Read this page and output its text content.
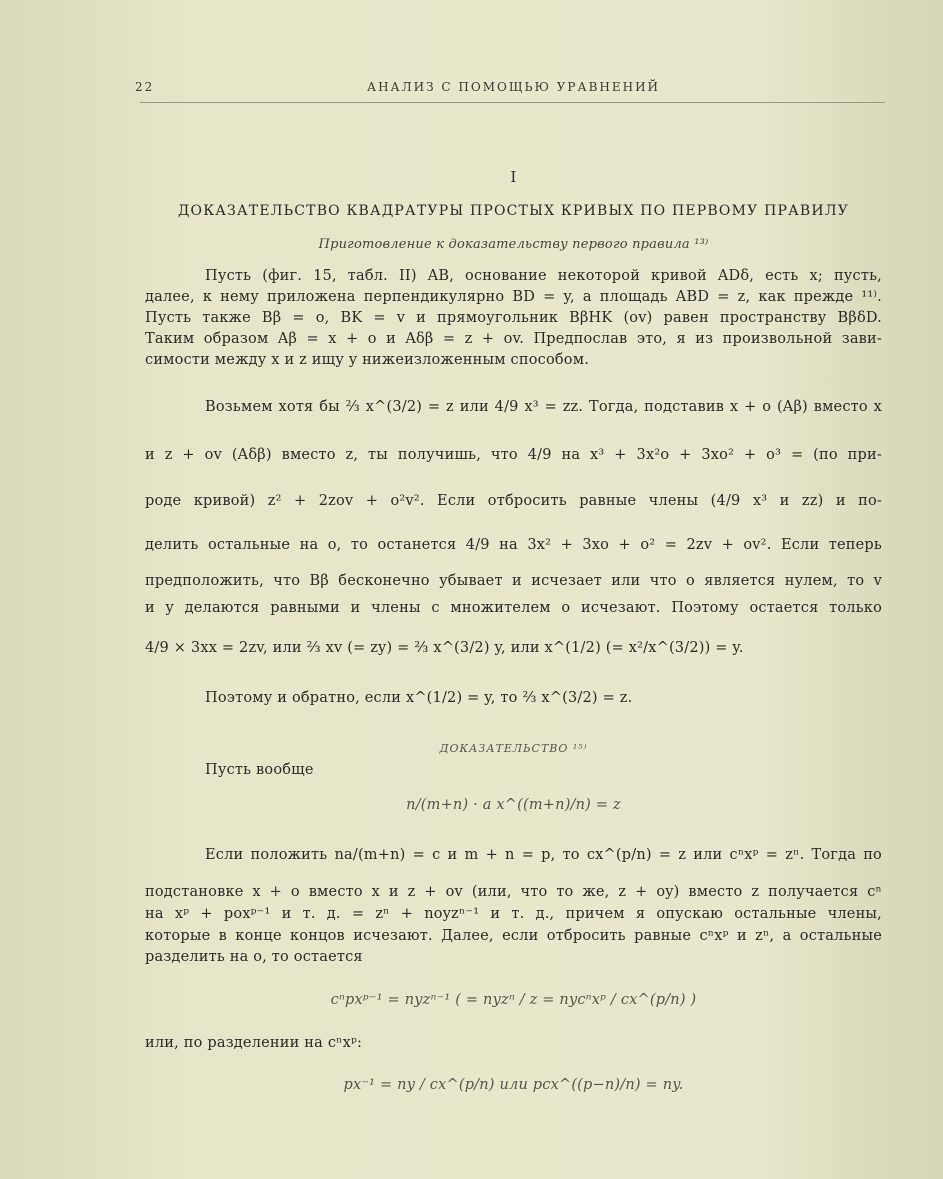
22	АНАЛИЗ С ПОМОЩЬЮ УРАВНЕНИЙ
I
ДОКАЗАТЕЛЬСТВО КВАДРАТУРЫ ПРОСТЫХ КРИВЫХ ПО ПЕРВОМУ ПРАВИЛУ
Приготовление к доказательству первого правила ¹³⁾
Пусть (фиг. 15, табл. II) AB, основание некоторой кривой ADδ, есть x; пусть,
далее, к нему приложена перпендикулярно BD = y, а площадь ABD = z, как прежде ¹¹⁾.
Пусть также Bβ = o, BK = v и прямоугольник BβHK (ov) равен пространству BβδD.
Таким образом Aβ = x + o и Aδβ = z + ov. Предпослав это, я из произвольной зави-
симости между x и z ищу y нижеизложенным способом.
Возьмем хотя бы ⅔ x^(3/2) = z или 4/9 x³ = zz. Тогда, подставив x + o (Aβ) вместо x
и z + ov (Aδβ) вместо z, ты получишь, что 4/9 на x³ + 3x²o + 3xo² + o³ = (по при-
роде кривой) z² + 2zov + o²v². Если отбросить равные члены (4/9 x³ и zz) и по-
делить остальные на o, то останется 4/9 на 3x² + 3xo + o² = 2zv + ov². Если теперь
предположить, что Bβ бесконечно убывает и исчезает или что o является нулем, то v
и y делаются равными и члены с множителем o исчезают. Поэтому остается только
4/9 × 3xx = 2zv, или ⅔ xv (= zy) = ⅔ x^(3/2) y, или x^(1/2) (= x²/x^(3/2)) = y.
Поэтому и обратно, если x^(1/2) = y, то ⅔ x^(3/2) = z.
ДОКАЗАТЕЛЬСТВО ¹⁵⁾
Пусть вообще
n/(m+n) · a x^((m+n)/n) = z
Если положить na/(m+n) = c и m + n = p, то cx^(p/n) = z или cⁿxᵖ = zⁿ. Тогда по
подстановке x + o вместо x и z + ov (или, что то же, z + oy) вместо z получается cⁿ
на xᵖ + poxᵖ⁻¹ и т. д. = zⁿ + noyzⁿ⁻¹ и т. д., причем я опускаю остальные члены,
которые в конце концов исчезают. Далее, если отбросить равные cⁿxᵖ и zⁿ, а остальные
разделить на o, то остается
cⁿpxᵖ⁻¹ = nyzⁿ⁻¹ ( = nyzⁿ / z = nycⁿxᵖ / cx^(p/n) )
или, по разделении на cⁿxᵖ:
px⁻¹ = ny / cx^(p/n) или pcx^((p−n)/n) = ny.
